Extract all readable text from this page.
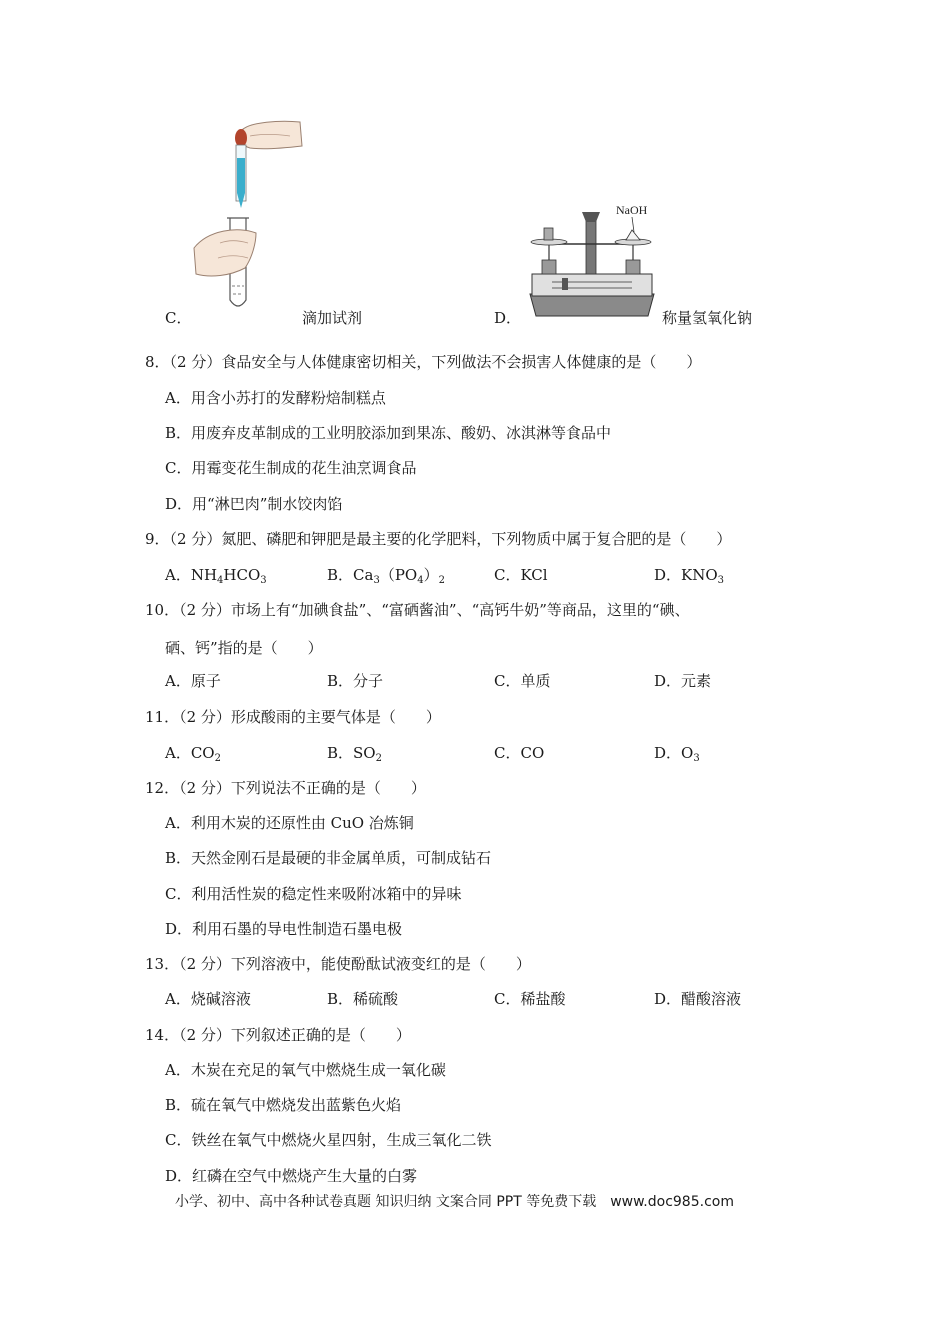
C．	滴加试剂
NaOH
D．	称量氢氧化钠
8．（2 分）食品安全与人体健康密切相关，下列做法不会损害人体健康的是（　　）
A．用含小苏打的发酵粉焙制糕点
B．用废弃皮革制成的工业明胶添加到果冻、酸奶、冰淇淋等食品中
C．用霉变花生制成的花生油烹调食品
D．用“淋巴肉”制水饺肉馅
9．（2 分）氮肥、磷肥和钾肥是最主要的化学肥料，下列物质中属于复合肥的是（　　）
A．$NH_4HCO_3$	B．$Ca_3(PO_4)_2$	C．KCl	D．$KNO_3$
10．（2 分）市场上有“加碘食盐”、“富硒酱油”、“高钙牛奶”等商品，这里的“碘、
硒、钙”指的是（　　）
A．原子	B．分子	C．单质	D．元素
11．（2 分）形成酸雨的主要气体是（　　）
A．$CO_2$	B．$SO_2$	C．CO	D．$O_3$
12．（2 分）下列说法不正确的是（　　）
A．利用木炭的还原性由 CuO 冶炼铜
B．天然金刚石是最硬的非金属单质，可制成钻石
C．利用活性炭的稳定性来吸附冰箱中的异味
D．利用石墨的导电性制造石墨电极
13．（2 分）下列溶液中，能使酚酞试液变红的是（　　）
A．烧碱溶液	B．稀硫酸	C．稀盐酸	D．醋酸溶液
14．（2 分）下列叙述正确的是（　　）
A．木炭在充足的氧气中燃烧生成一氧化碳
B．硫在氧气中燃烧发出蓝紫色火焰
C．铁丝在氧气中燃烧火星四射，生成三氧化二铁
D．红磷在空气中燃烧产生大量的白雾
小学、初中、高中各种试卷真题 知识归纳 文案合同 PPT 等免费下载　www.doc985.com
